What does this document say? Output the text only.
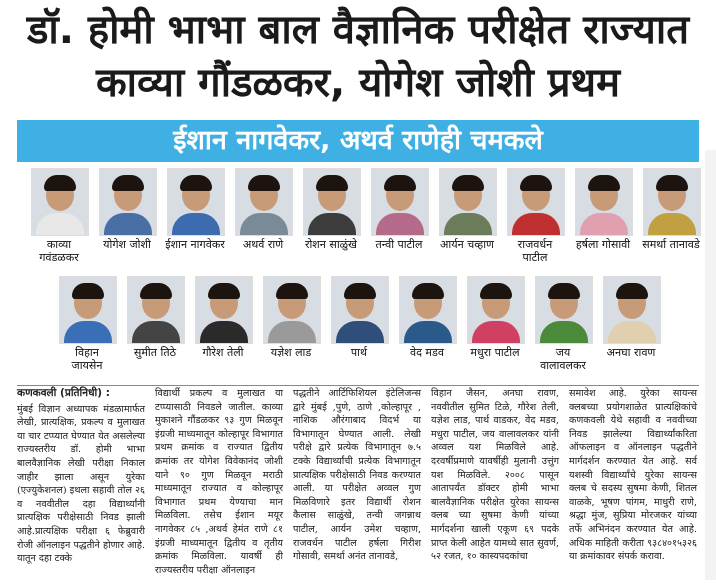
डॉ. होमी भाभा बाल वैज्ञानिक परीक्षेत राज्यात
काव्या गौंडळकर, योगेश जोशी प्रथम
ईशान नागवेकर, अथर्व राणेही चमकले
काव्या
गवंडळकर
योगेश जोशी	ईशान नागवेकर	अथर्व राणे	रोशन साळुंखे	तन्वी पाटील	आर्यन चव्हाण	राजवर्धन
पाटील
हर्षला गोसावी	समर्था तानावडे
विहान
जायसेन
सुमीत तिठे	गौरेश तेली	यज्ञेश लाड	पार्थ	वेद मडव	मधुरा पाटील	जय
वालावलकर
अनघा रावण
कणकवली (प्रतिनिधी) :
मुंबई विज्ञान अध्यापक मंडळामार्फत लेखी, प्रात्यक्षिक, प्रकल्प व मुलाखत या चार टप्प्यात घेण्यात येत असलेल्या राज्यस्तरीय डॉ. होमी भाभा बालवैज्ञानिक लेखी परीक्षा निकाल जाहीर झाला असून युरेका (एज्युकेशनल) इथला सहावी तोल २६ व नववीतील दहा विद्यार्थ्यांनी प्रात्यक्षिक परीक्षेसाठी निवड झाली आहे.प्रात्यक्षिक परीक्षा ६ फेब्रुवारी रोजी ऑनलाइन पद्धतीने होणार आहे. यातून दहा टक्के
विद्यार्थी प्रकल्प व मुलाखत या टप्प्यासाठी निवडले जातील. काव्या मुकाशने गौंडळकर ९३ गुण मिळवून इंग्रजी माध्यमातून कोल्हापूर विभागात प्रथम क्रमांक व राज्यात द्वितीय क्रमांक तर योगेश विवेकानंद जोशी याने ९० गुण मिळवून मराठी माध्यमातून राज्यात व कोल्हापूर विभागात प्रथम येण्याचा मान मिळविला. तसेच ईशान मयूर नागवेकर ८५ ,अथर्व हेमंत राणे ८१ इंग्रजी माध्यमातून द्वितीय व तृतीय क्रमांक मिळविला. यावर्षी ही राज्यस्तरीय परीक्षा ऑनलाइन
पद्धतीने आर्टिफिशियल इंटेलिजन्स द्वारे मुंबई ,पुणे, ठाणे ,कोल्हापूर , नाशिक औरंगाबाद विदर्भ या विभागातून घेण्यात आली. लेखी परीक्षे द्वारे प्रत्येक विभागातून ७.५ टक्के विद्यार्थ्यांची प्रत्येक विभागातून प्रात्यक्षिक परीक्षेसाठी निवड करण्यात आली. या परीक्षेत अव्वल गुण मिळविणारे इतर विद्यार्थी रोशन कैलास साळुंखे, तन्वी जगन्नाथ पाटील, आर्यन उमेश चव्हाण, राजवर्धन पाटील हर्षला गिरीश गोसावी, समर्था अनंत तानावडे,
विहान जैसन, अनघा रावण, नववीतील सुमित टिळे, गौरेश तेली, यज्ञेश लाड, पार्थ वाडकर, वेद मडव, मधुरा पाटील, जय वालावलकर यांनी अव्वल यश मिळविले आहे. दरवर्षीप्रमाणे यावर्षीही मुलानी उत्तुंग यश मिळविले. २००८ पासून आतापर्यंत डॉक्टर होमी भाभा बालवैज्ञानिक परीक्षेत युरेका सायन्स क्लब च्या सुषमा केणी यांच्या मार्गदर्शना खाली एकूण ६९ पदके प्राप्त केली आहेत यामध्ये सात सुवर्ण, ५२ रजत, १० कास्यपदकांचा
समावेश आहे. युरेका सायन्स क्लबच्या प्रयोगशाळेत प्रात्यक्षिकांचे कणकवली येथे सहावी व नववीच्या निवड झालेल्या विद्यार्थ्यांकरिता ऑफलाइन व ऑनलाइन पद्धतीने मार्गदर्शन करण्यात येत आहे. सर्व यशस्वी विद्यार्थ्यांचे युरेका सायन्स क्लब चे सदस्य सुषमा केणी, शितल वाळके, भूषण पांगम, माधुरी राणे, श्रद्धा मुंज, सुप्रिया मोरजकर यांच्या तर्फे अभिनंदन करण्यात येत आहे. अधिक माहिती करीता ९३८४०१५३२६ या क्रमांकावर संपर्क करावा.
